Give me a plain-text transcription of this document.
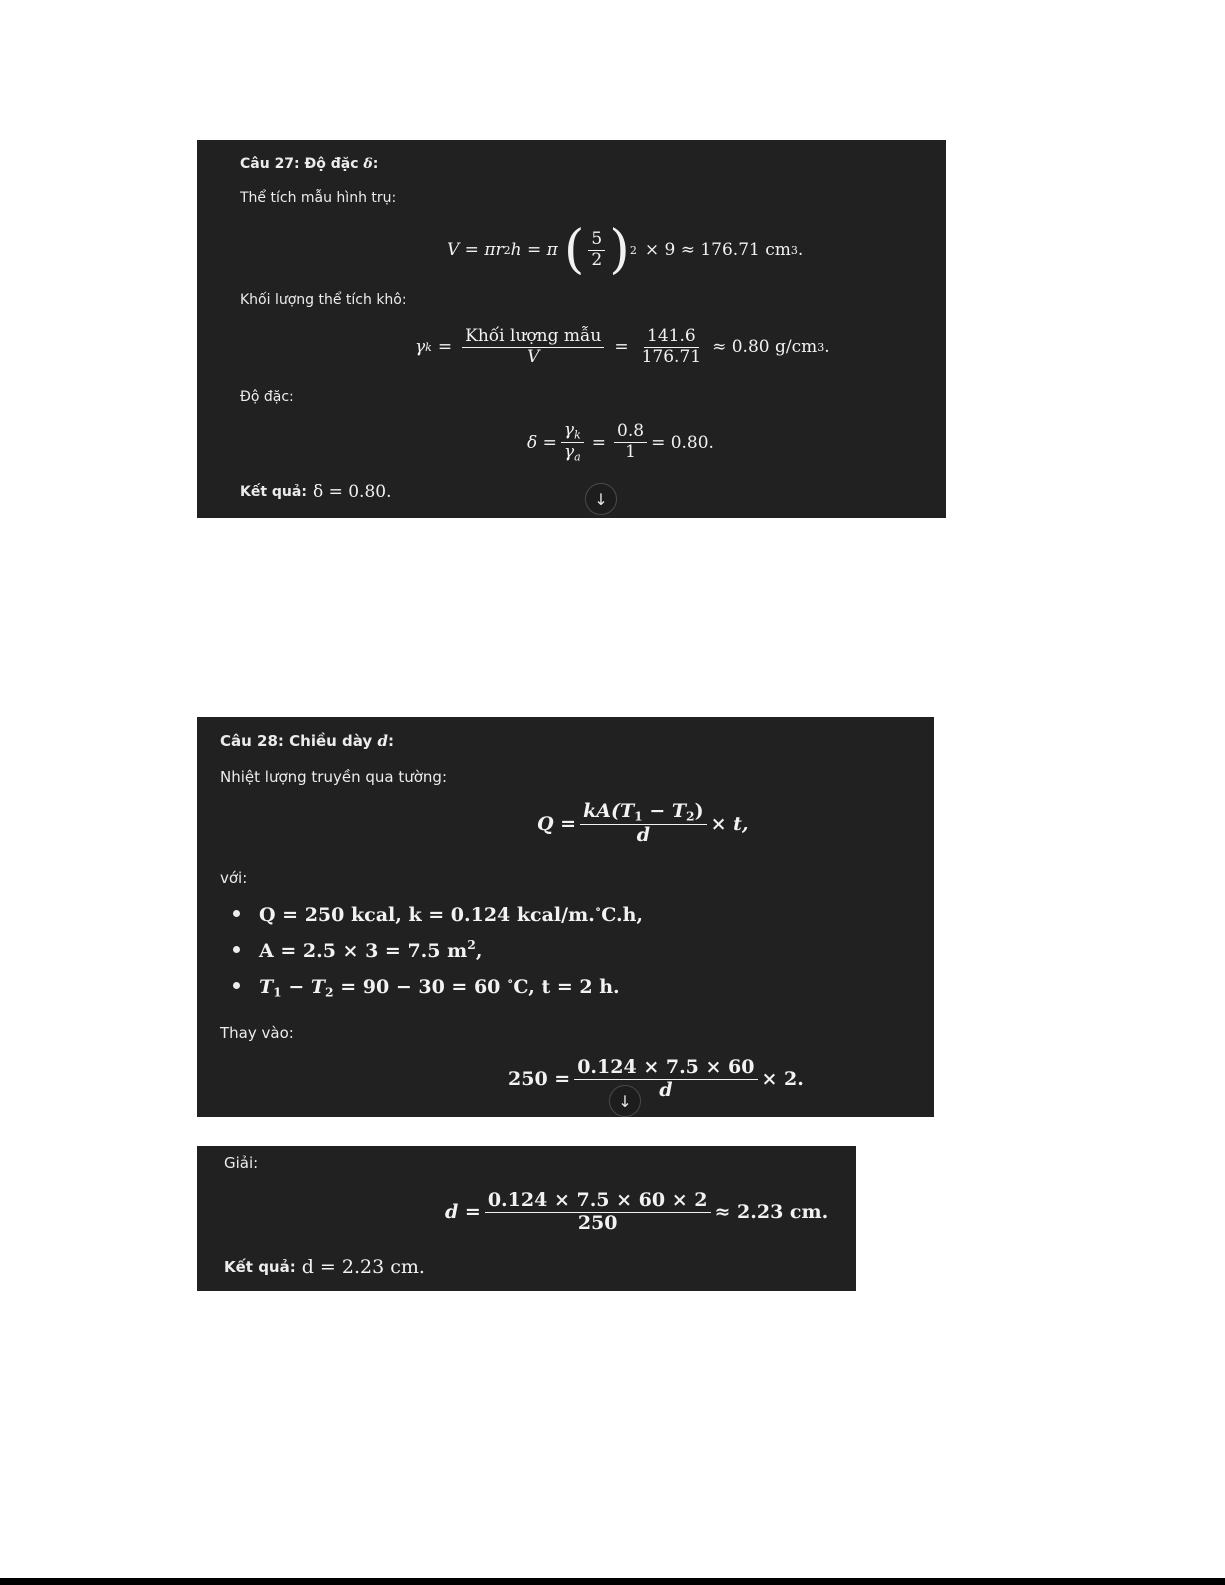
Câu 27: Độ đặc δ:
Thể tích mẫu hình trụ:
V = πr 2 h = π ( $\frac{5}{2}$ ) 2 × 9 ≈ 176.71 cm 3 .
Khối lượng thể tích khô:
γ $k = \frac{\text{Khối lượng mẫu}}{V} = \frac{141.6}{176.71} \approx 0.80$ g/cm 3 .
Độ đặc:
$\delta = \frac{\gamma_k}{\gamma_a} = \frac{0.8}{1} = 0.80$.
Kết quả: δ = 0.80.	↓
Câu 28: Chiều dày d:
Nhiệt lượng truyền qua tường:
$Q = \frac{kA(T_1 - T_2)}{d} \times t$,
với:
Q = 250 kcal, k = 0.124 kcal/m.∘C.h,
A = 2.5 × 3 = 7.5 $m^2$,
$T_1 - T_2 = 90 - 30 = 60$ ∘C, t = 2 h.
Thay vào:
$250 = \frac{0.124 \times 7.5 \times 60}{d} \times 2$.
↓
Giải:
$d = \frac{0.124 \times 7.5 \times 60 \times 2}{250} \approx 2.23$ cm.
Kết quả: d = 2.23 cm.
